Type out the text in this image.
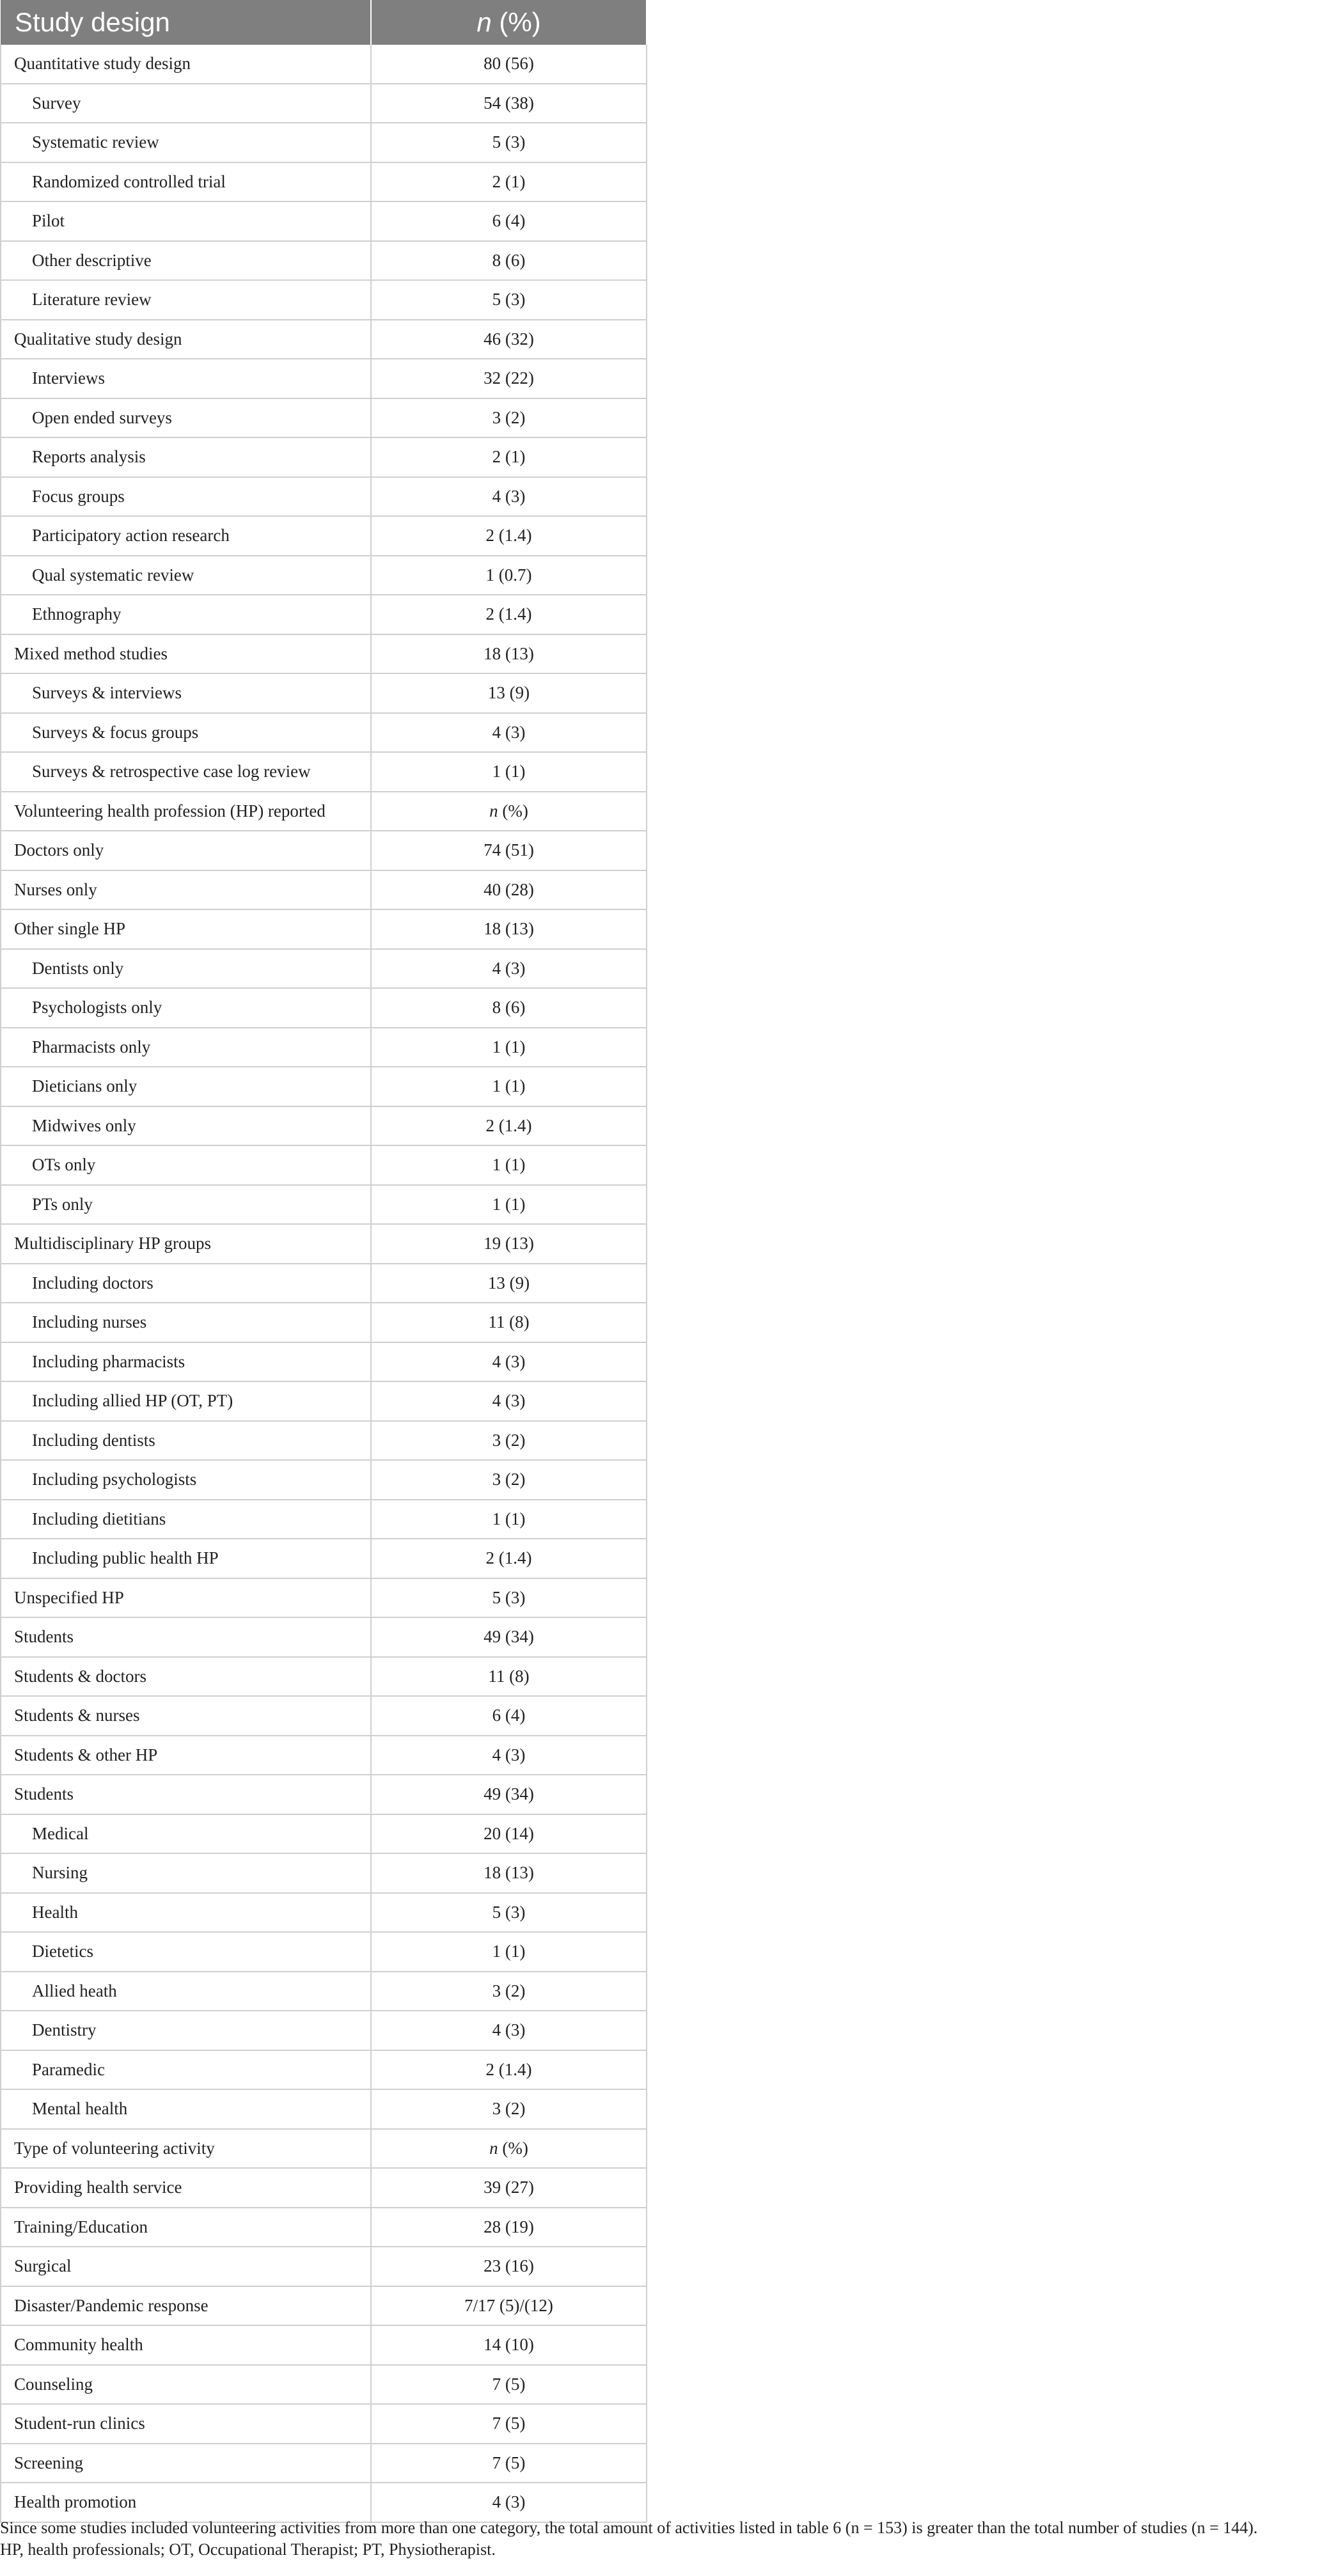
Study design	n (%)
Quantitative study design	80 (56)
Survey	54 (38)
Systematic review	5 (3)
Randomized controlled trial	2 (1)
Pilot	6 (4)
Other descriptive	8 (6)
Literature review	5 (3)
Qualitative study design	46 (32)
Interviews	32 (22)
Open ended surveys	3 (2)
Reports analysis	2 (1)
Focus groups	4 (3)
Participatory action research	2 (1.4)
Qual systematic review	1 (0.7)
Ethnography	2 (1.4)
Mixed method studies	18 (13)
Surveys & interviews	13 (9)
Surveys & focus groups	4 (3)
Surveys & retrospective case log review	1 (1)
Volunteering health profession (HP) reported	n (%)
Doctors only	74 (51)
Nurses only	40 (28)
Other single HP	18 (13)
Dentists only	4 (3)
Psychologists only	8 (6)
Pharmacists only	1 (1)
Dieticians only	1 (1)
Midwives only	2 (1.4)
OTs only	1 (1)
PTs only	1 (1)
Multidisciplinary HP groups	19 (13)
Including doctors	13 (9)
Including nurses	11 (8)
Including pharmacists	4 (3)
Including allied HP (OT, PT)	4 (3)
Including dentists	3 (2)
Including psychologists	3 (2)
Including dietitians	1 (1)
Including public health HP	2 (1.4)
Unspecified HP	5 (3)
Students	49 (34)
Students & doctors	11 (8)
Students & nurses	6 (4)
Students & other HP	4 (3)
Students	49 (34)
Medical	20 (14)
Nursing	18 (13)
Health	5 (3)
Dietetics	1 (1)
Allied heath	3 (2)
Dentistry	4 (3)
Paramedic	2 (1.4)
Mental health	3 (2)
Type of volunteering activity	n (%)
Providing health service	39 (27)
Training/Education	28 (19)
Surgical	23 (16)
Disaster/Pandemic response	7/17 (5)/(12)
Community health	14 (10)
Counseling	7 (5)
Student-run clinics	7 (5)
Screening	7 (5)
Health promotion	4 (3)

Since some studies included volunteering activities from more than one category, the total amount of activities listed in table 6 (n = 153) is greater than the total number of studies (n = 144).

HP, health professionals; OT, Occupational Therapist; PT, Physiotherapist.
